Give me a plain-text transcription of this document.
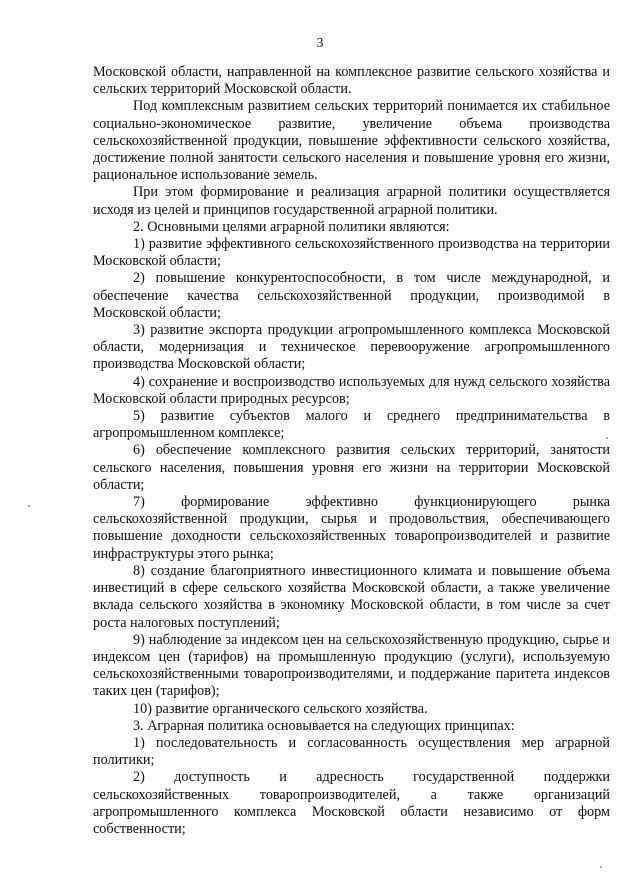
3

Московской области, направленной на комплексное развитие сельского хозяйства и сельских территорий Московской области.

Под комплексным развитием сельских территорий понимается их стабильное социально-экономическое развитие, увеличение объема производства сельскохозяйственной продукции, повышение эффективности сельского хозяйства, достижение полной занятости сельского населения и повышение уровня его жизни, рациональное использование земель.

При этом формирование и реализация аграрной политики осуществляется исходя из целей и принципов государственной аграрной политики.

2. Основными целями аграрной политики являются:

1) развитие эффективного сельскохозяйственного производства на территории Московской области;

2) повышение конкурентоспособности, в том числе международной, и обеспечение качества сельскохозяйственной продукции, производимой в Московской области;

3) развитие экспорта продукции агропромышленного комплекса Московской области, модернизация и техническое перевооружение агропромышленного производства Московской области;

4) сохранение и воспроизводство используемых для нужд сельского хозяйства Московской области природных ресурсов;

5) развитие субъектов малого и среднего предпринимательства в агропромышленном комплексе;

6) обеспечение комплексного развития сельских территорий, занятости сельского населения, повышения уровня его жизни на территории Московской области;

7) формирование эффективно функционирующего рынка сельскохозяйственной продукции, сырья и продовольствия, обеспечивающего повышение доходности сельскохозяйственных товаропроизводителей и развитие инфраструктуры этого рынка;

8) создание благоприятного инвестиционного климата и повышение объема инвестиций в сфере сельского хозяйства Московской области, а также увеличение вклада сельского хозяйства в экономику Московской области, в том числе за счет роста налоговых поступлений;

9) наблюдение за индексом цен на сельскохозяйственную продукцию, сырье и индексом цен (тарифов) на промышленную продукцию (услуги), используемую сельскохозяйственными товаропроизводителями, и поддержание паритета индексов таких цен (тарифов);

10) развитие органического сельского хозяйства.

3. Аграрная политика основывается на следующих принципах:

1) последовательность и согласованность осуществления мер аграрной политики;

2) доступность и адресность государственной поддержки сельскохозяйственных товаропроизводителей, а также организаций агропромышленного комплекса Московской области независимо от форм собственности;
